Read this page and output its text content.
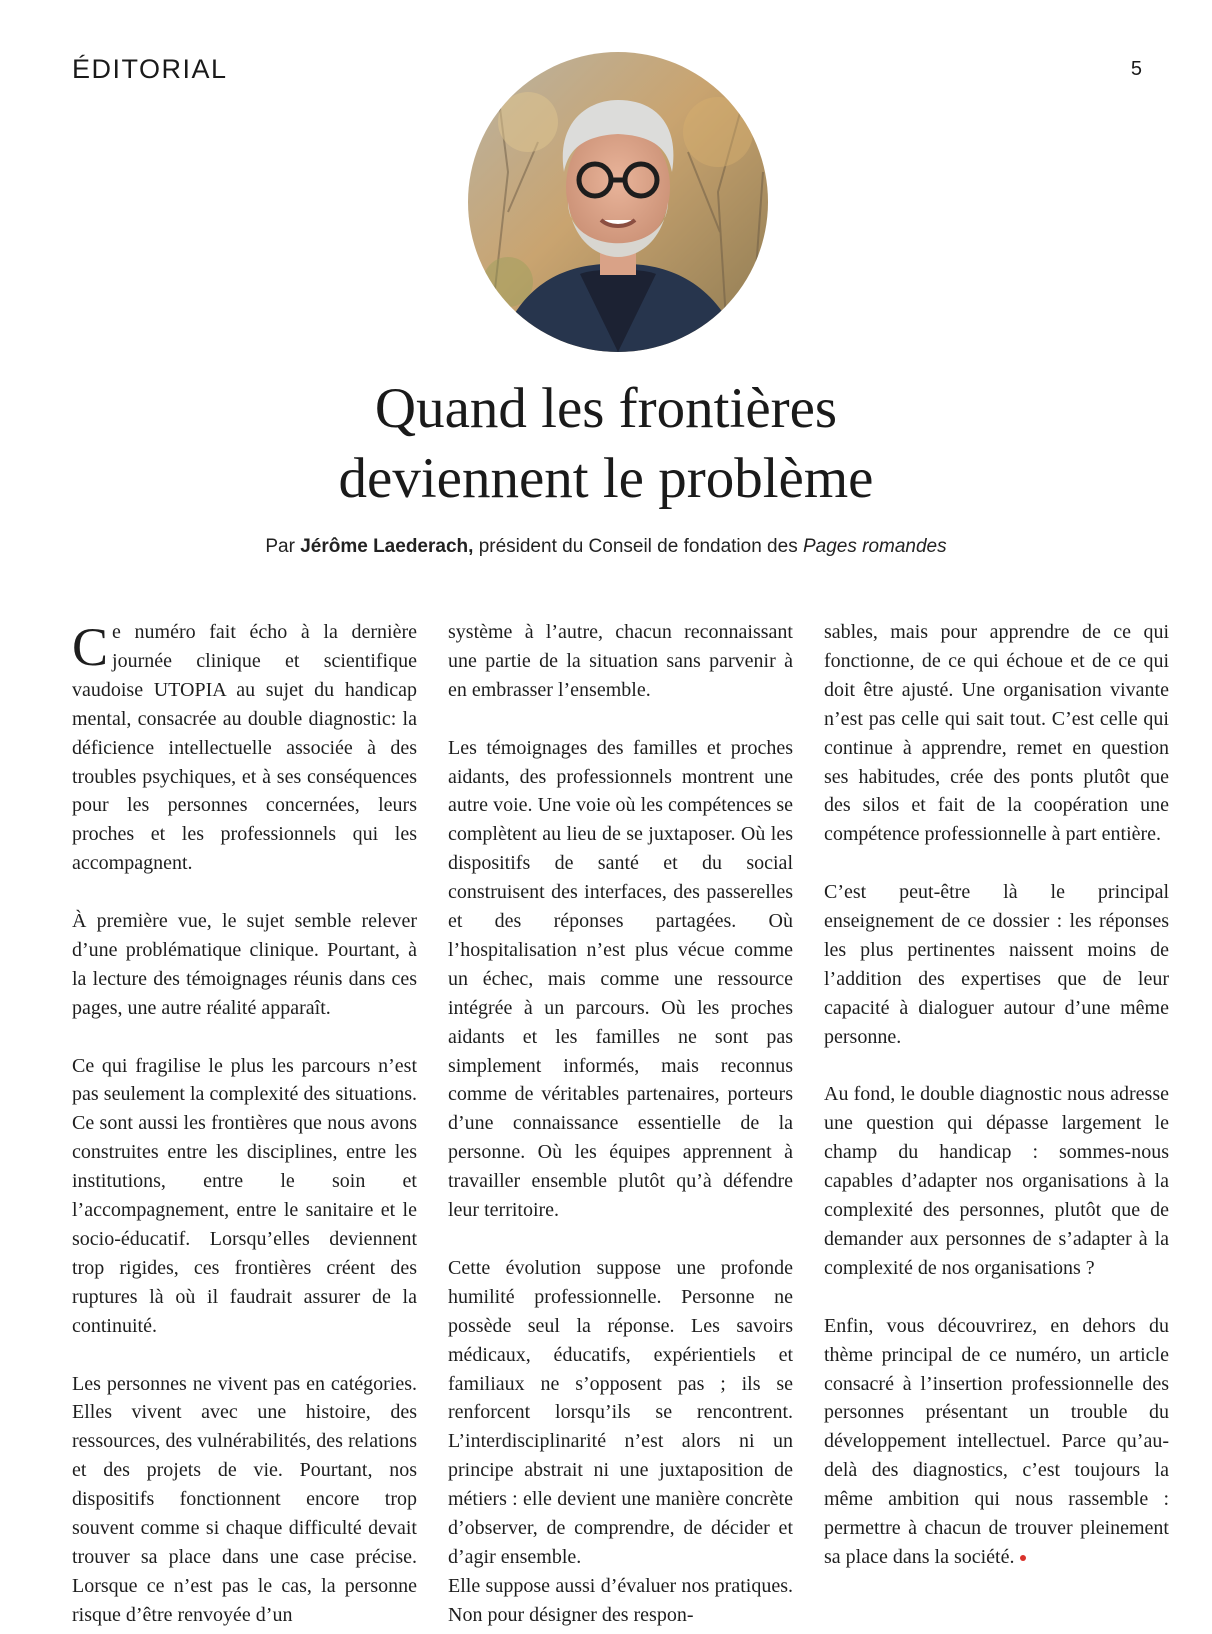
ÉDITORIAL	5
Quand les frontières
deviennent le problème
Par Jérôme Laederach, président du Conseil de fondation des Pages romandes

Ce numéro fait écho à la dernière journée clinique et scientifique vaudoise UTOPIA au sujet du handicap mental, consacrée au double diagnostic: la déficience intellectuelle associée à des troubles psychiques, et à ses conséquences pour les personnes concernées, leurs proches et les professionnels qui les accompagnent.

À première vue, le sujet semble relever d’une problématique clinique. Pourtant, à la lecture des témoignages réunis dans ces pages, une autre réalité apparaît.

Ce qui fragilise le plus les parcours n’est pas seulement la complexité des situations. Ce sont aussi les frontières que nous avons construites entre les disciplines, entre les institutions, entre le soin et l’accompagnement, entre le sanitaire et le socio-éducatif. Lorsqu’elles deviennent trop rigides, ces frontières créent des ruptures là où il faudrait assurer de la continuité.

Les personnes ne vivent pas en catégories. Elles vivent avec une histoire, des ressources, des vulnérabilités, des relations et des projets de vie. Pourtant, nos dispositifs fonctionnent encore trop souvent comme si chaque difficulté devait trouver sa place dans une case précise. Lorsque ce n’est pas le cas, la personne risque d’être renvoyée d’un

système à l’autre, chacun reconnaissant une partie de la situation sans parvenir à en embrasser l’ensemble.

Les témoignages des familles et proches aidants, des professionnels montrent une autre voie. Une voie où les compétences se complètent au lieu de se juxtaposer. Où les dispositifs de santé et du social construisent des interfaces, des passerelles et des réponses partagées. Où l’hospitalisation n’est plus vécue comme un échec, mais comme une ressource intégrée à un parcours. Où les proches aidants et les familles ne sont pas simplement informés, mais reconnus comme de véritables partenaires, porteurs d’une connaissance essentielle de la personne. Où les équipes apprennent à travailler ensemble plutôt qu’à défendre leur territoire.

Cette évolution suppose une profonde humilité professionnelle. Personne ne possède seul la réponse. Les savoirs médicaux, éducatifs, expérientiels et familiaux ne s’opposent pas ; ils se renforcent lorsqu’ils se rencontrent. L’interdisciplinarité n’est alors ni un principe abstrait ni une juxtaposition de métiers : elle devient une manière concrète d’observer, de comprendre, de décider et d’agir ensemble.

Elle suppose aussi d’évaluer nos pratiques. Non pour désigner des respon-

sables, mais pour apprendre de ce qui fonctionne, de ce qui échoue et de ce qui doit être ajusté. Une organisation vivante n’est pas celle qui sait tout. C’est celle qui continue à apprendre, remet en question ses habitudes, crée des ponts plutôt que des silos et fait de la coopération une compétence professionnelle à part entière.

C’est peut-être là le principal enseignement de ce dossier : les réponses les plus pertinentes naissent moins de l’addition des expertises que de leur capacité à dialoguer autour d’une même personne.

Au fond, le double diagnostic nous adresse une question qui dépasse largement le champ du handicap : sommes-nous capables d’adapter nos organisations à la complexité des personnes, plutôt que de demander aux personnes de s’adapter à la complexité de nos organisations ?

Enfin, vous découvrirez, en dehors du thème principal de ce numéro, un article consacré à l’insertion professionnelle des personnes présentant un trouble du développement intellectuel. Parce qu’au-delà des diagnostics, c’est toujours la même ambition qui nous rassemble : permettre à chacun de trouver pleinement sa place dans la société.
